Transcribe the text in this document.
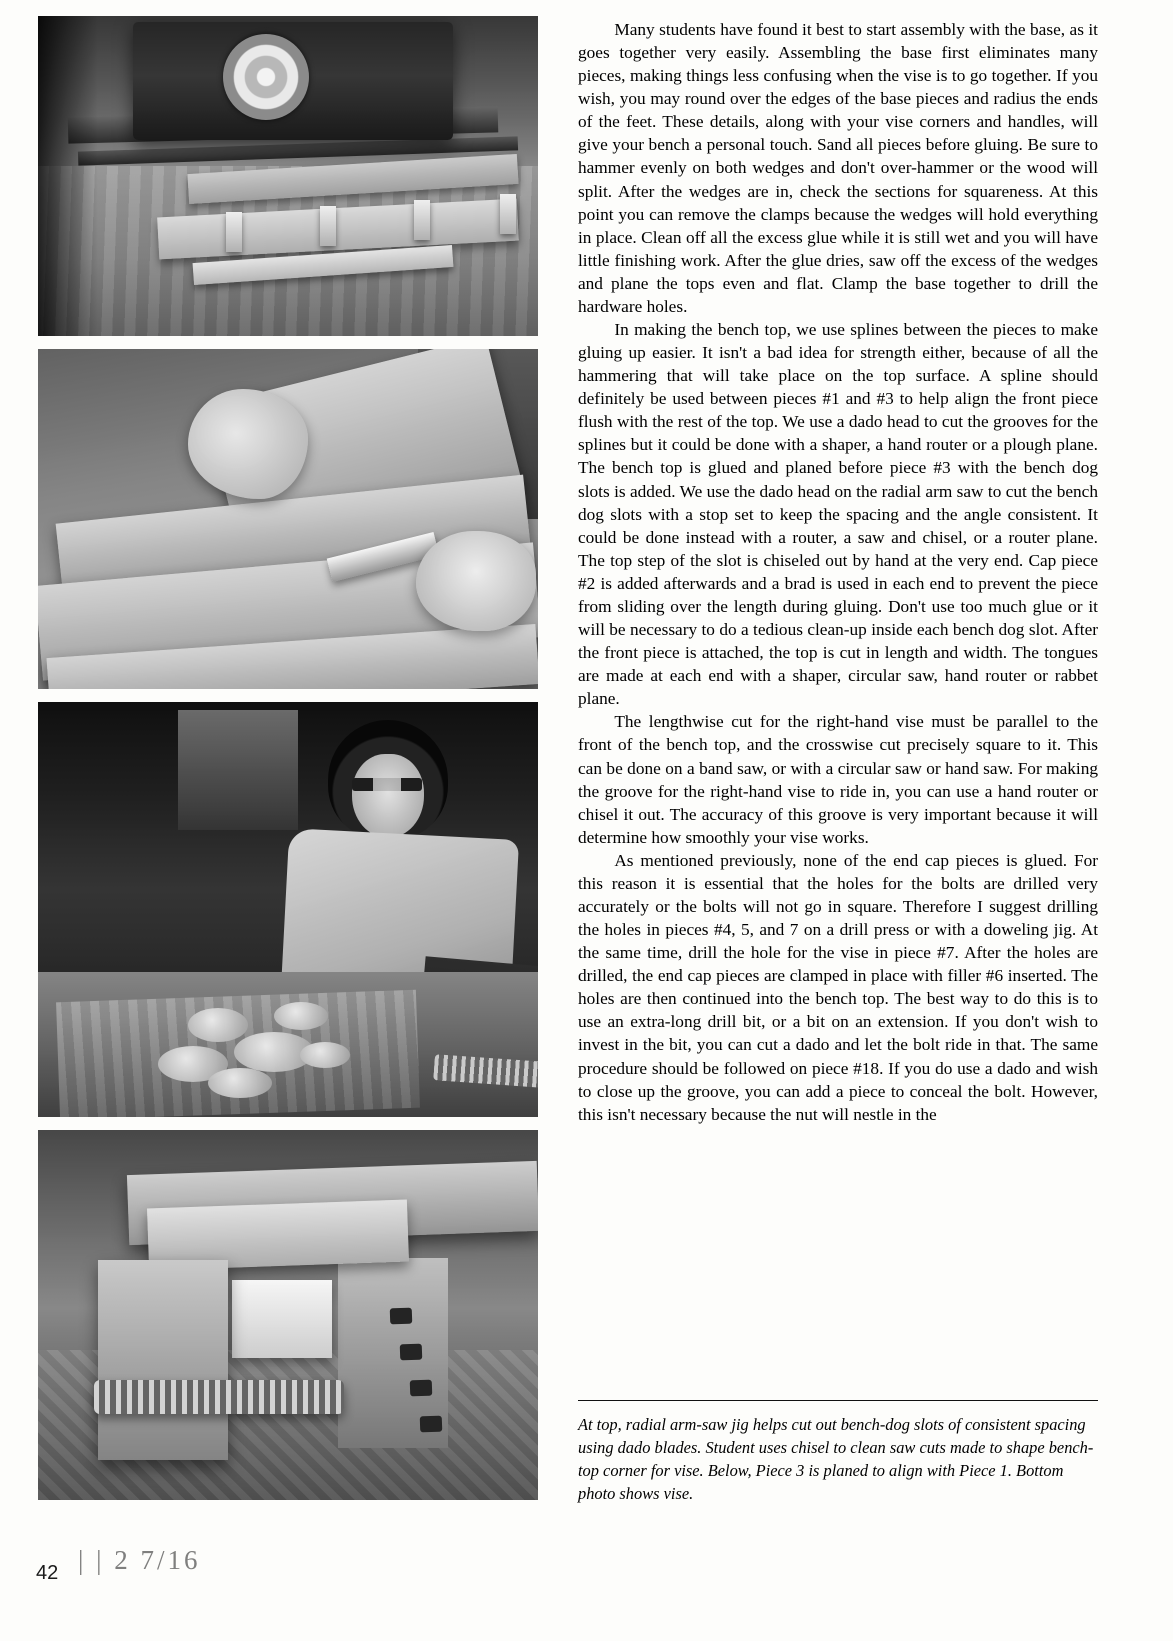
Many students have found it best to start assembly with the base, as it goes together very easily. Assembling the base first eliminates many pieces, making things less confusing when the vise is to go together. If you wish, you may round over the edges of the base pieces and radius the ends of the feet. These details, along with your vise corners and handles, will give your bench a personal touch. Sand all pieces before gluing. Be sure to hammer evenly on both wedges and don't over-hammer or the wood will split. After the wedges are in, check the sections for squareness. At this point you can remove the clamps because the wedges will hold everything in place. Clean off all the excess glue while it is still wet and you will have little finishing work. After the glue dries, saw off the excess of the wedges and plane the tops even and flat. Clamp the base together to drill the hardware holes.

In making the bench top, we use splines between the pieces to make gluing up easier. It isn't a bad idea for strength either, because of all the hammering that will take place on the top surface. A spline should definitely be used between pieces #1 and #3 to help align the front piece flush with the rest of the top. We use a dado head to cut the grooves for the splines but it could be done with a shaper, a hand router or a plough plane. The bench top is glued and planed before piece #3 with the bench dog slots is added. We use the dado head on the radial arm saw to cut the bench dog slots with a stop set to keep the spacing and the angle consistent. It could be done instead with a router, a saw and chisel, or a router plane. The top step of the slot is chiseled out by hand at the very end. Cap piece #2 is added afterwards and a brad is used in each end to prevent the piece from sliding over the length during gluing. Don't use too much glue or it will be necessary to do a tedious clean-up inside each bench dog slot. After the front piece is attached, the top is cut in length and width. The tongues are made at each end with a shaper, circular saw, hand router or rabbet plane.

The lengthwise cut for the right-hand vise must be parallel to the front of the bench top, and the crosswise cut precisely square to it. This can be done on a band saw, or with a circular saw or hand saw. For making the groove for the right-hand vise to ride in, you can use a hand router or chisel it out. The accuracy of this groove is very important because it will determine how smoothly your vise works.

As mentioned previously, none of the end cap pieces is glued. For this reason it is essential that the holes for the bolts are drilled very accurately or the bolts will not go in square. Therefore I suggest drilling the holes in pieces #4, 5, and 7 on a drill press or with a doweling jig. At the same time, drill the hole for the vise in piece #7. After the holes are drilled, the end cap pieces are clamped in place with filler #6 inserted. The holes are then continued into the bench top. The best way to do this is to use an extra-long drill bit, or a bit on an extension. If you don't wish to invest in the bit, you can cut a dado and let the bolt ride in that. The same procedure should be followed on piece #18. If you do use a dado and wish to close up the groove, you can add a piece to conceal the bolt. However, this isn't necessary because the nut will nestle in the

At top, radial arm-saw jig helps cut out bench-dog slots of consistent spacing using dado blades. Student uses chisel to clean saw cuts made to shape bench-top corner for vise. Below, Piece 3 is planed to align with Piece 1. Bottom photo shows vise.
42 | | 2 7/16
